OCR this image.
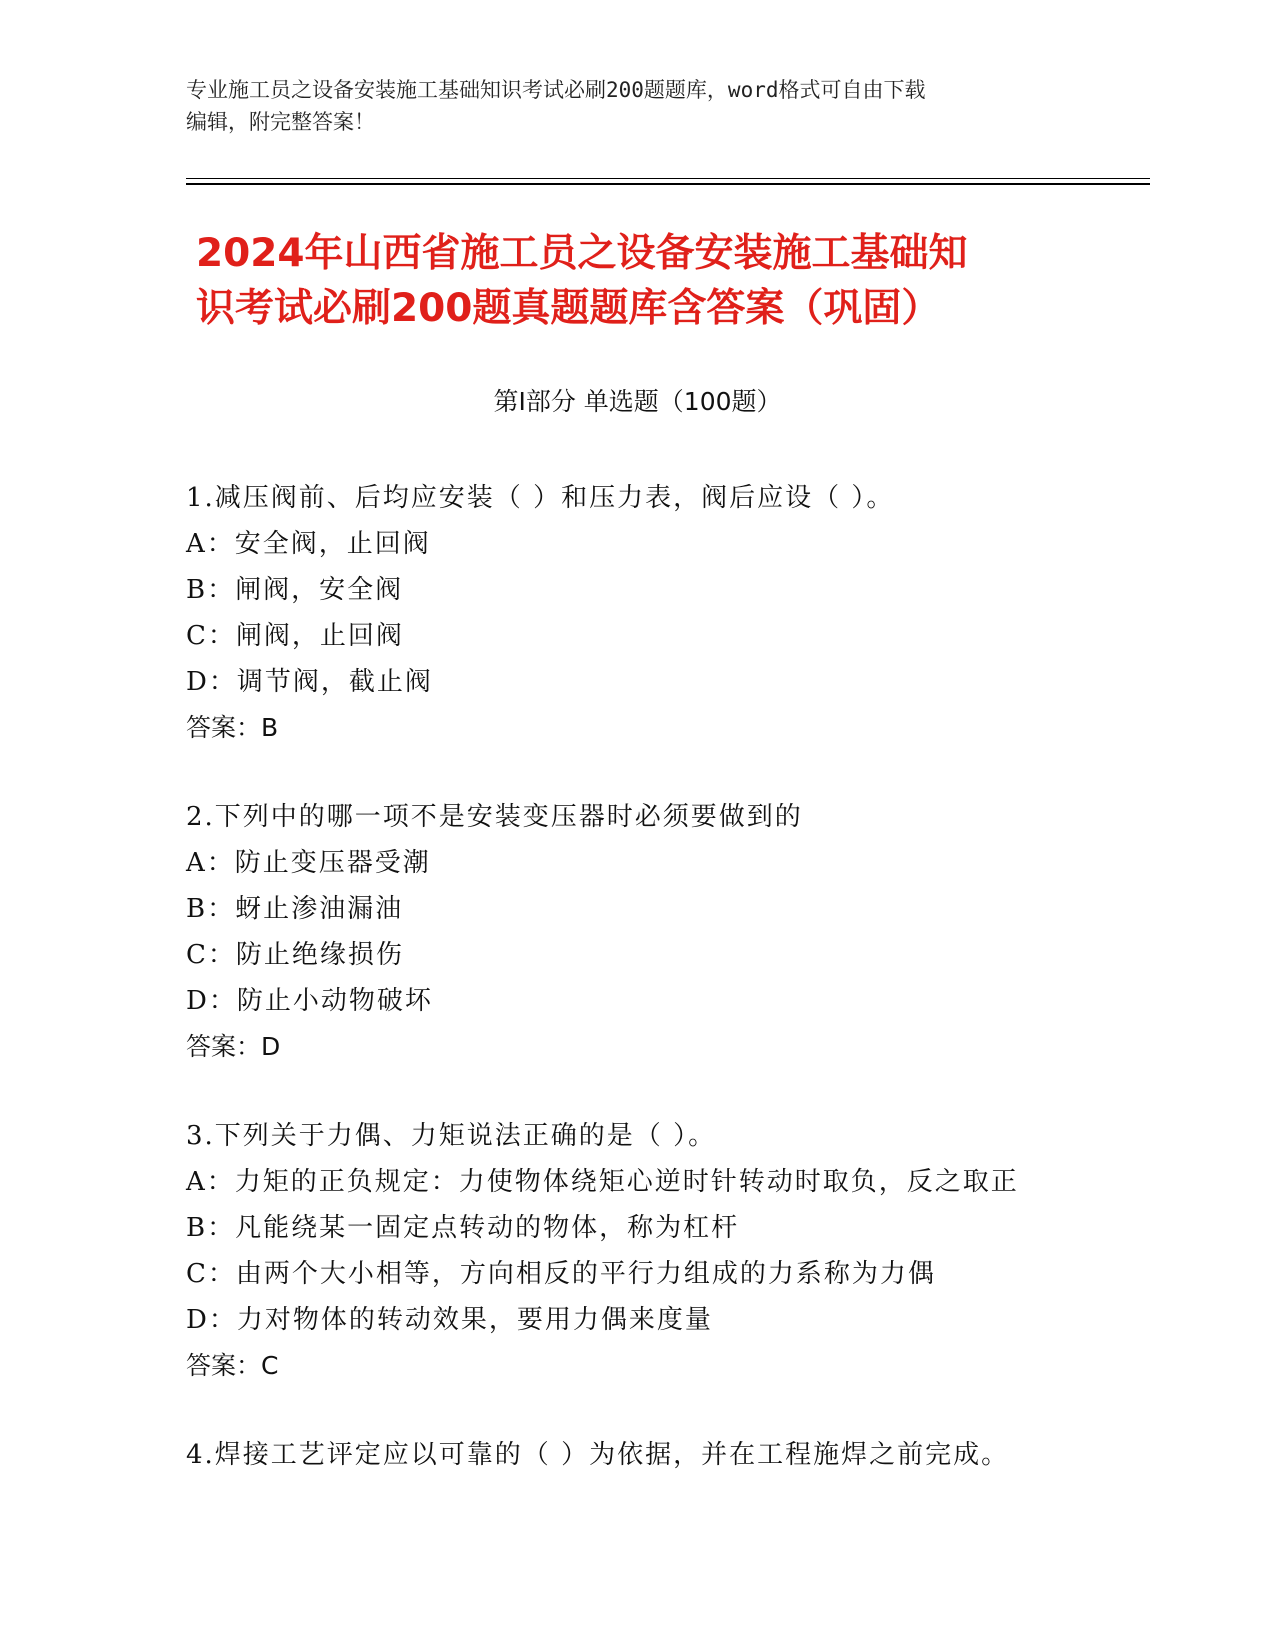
专业施工员之设备安装施工基础知识考试必刷200题题库，word格式可自由下载
编辑，附完整答案！
2024年山西省施工员之设备安装施工基础知
识考试必刷200题真题题库含答案（巩固）
第Ⅰ部分 单选题（100题）
1.减压阀前、后均应安装（ ）和压力表，阀后应设（ ）。
A：安全阀，止回阀
B：闸阀，安全阀
C：闸阀，止回阀
D：调节阀，截止阀
答案：B
2.下列中的哪一项不是安装变压器时必须要做到的
A：防止变压器受潮
B：蚜止渗油漏油
C：防止绝缘损伤
D：防止小动物破坏
答案：D
3.下列关于力偶、力矩说法正确的是（ ）。
A：力矩的正负规定：力使物体绕矩心逆时针转动时取负，反之取正
B：凡能绕某一固定点转动的物体，称为杠杆
C：由两个大小相等，方向相反的平行力组成的力系称为力偶
D：力对物体的转动效果，要用力偶来度量
答案：C
4.焊接工艺评定应以可靠的（ ）为依据，并在工程施焊之前完成。
